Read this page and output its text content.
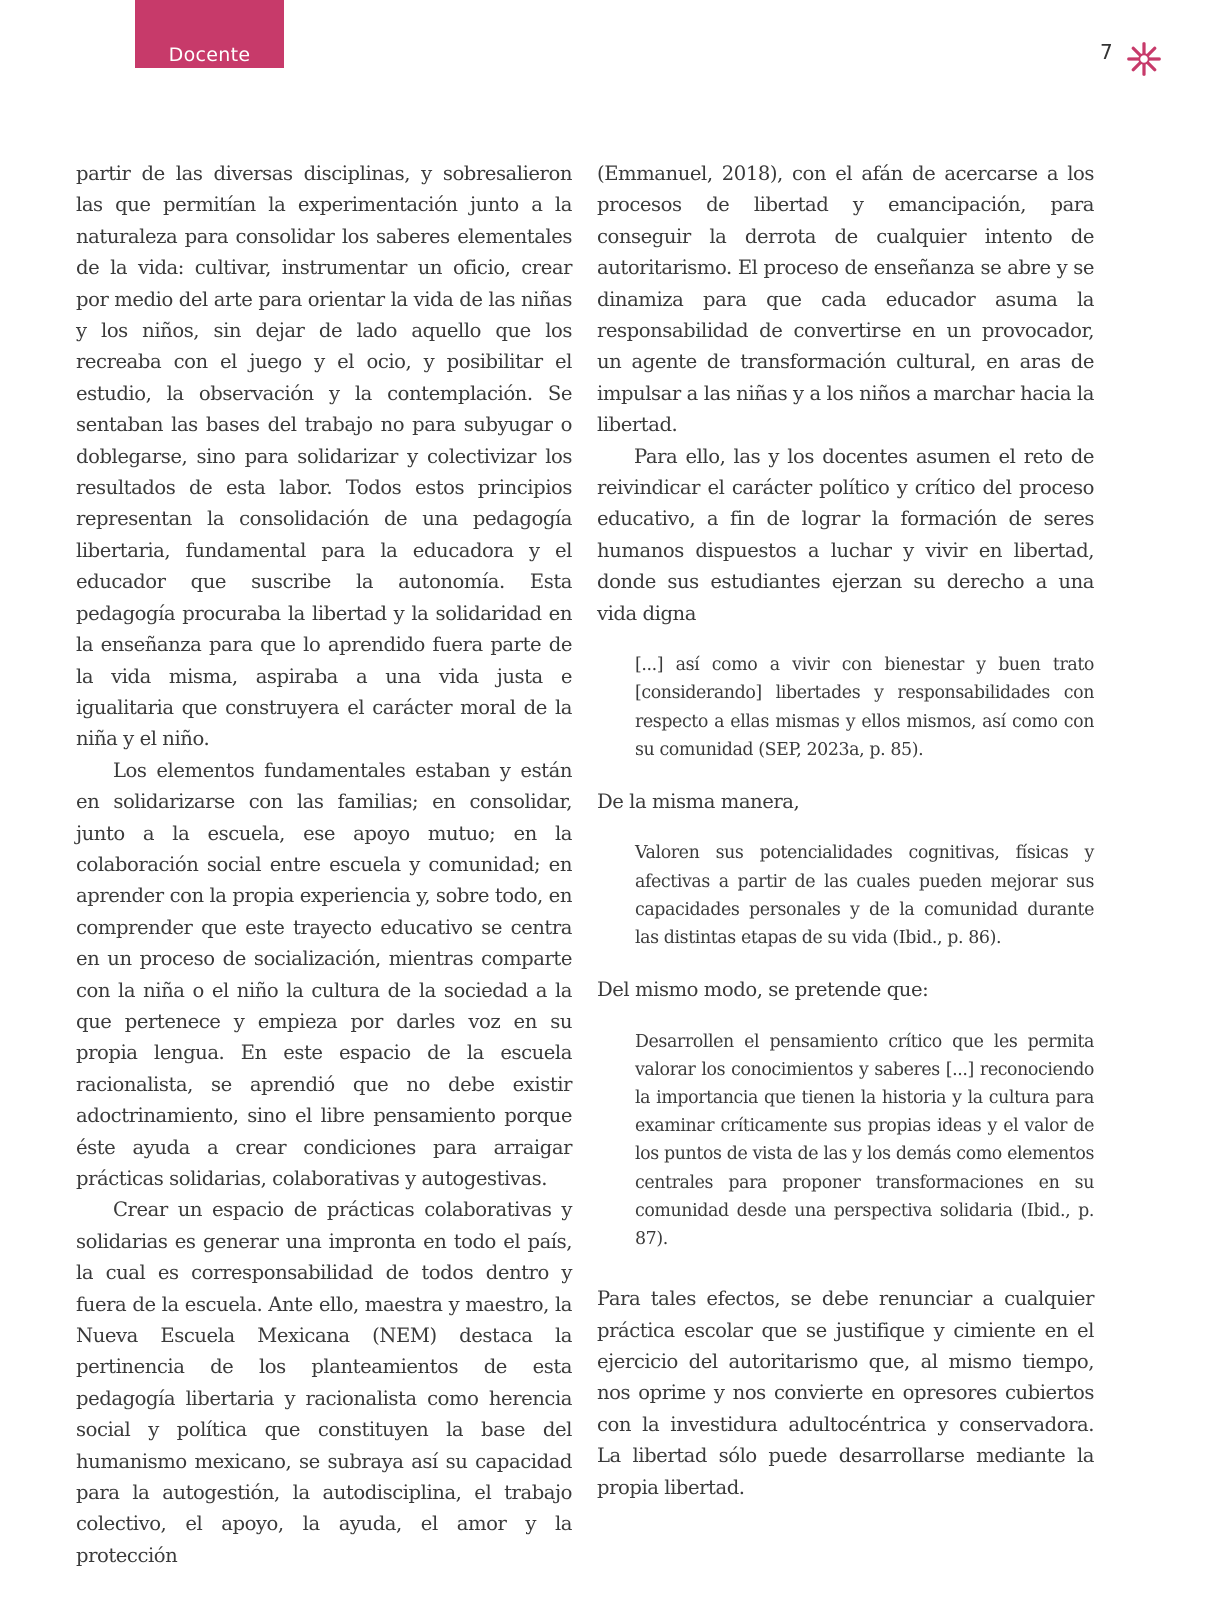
Docente	7

partir de las diversas disciplinas, y sobresalieron las que permitían la experimentación junto a la naturaleza para consolidar los saberes elementales de la vida: cultivar, instrumentar un oficio, crear por medio del arte para orientar la vida de las niñas y los niños, sin dejar de lado aquello que los recreaba con el juego y el ocio, y posibilitar el estudio, la observación y la contemplación. Se sentaban las bases del trabajo no para subyugar o doblegarse, sino para solidarizar y colectivizar los resultados de esta labor. Todos estos principios representan la consolidación de una pedagogía libertaria, fundamental para la educadora y el educador que suscribe la autonomía. Esta pedagogía procuraba la libertad y la solidaridad en la enseñanza para que lo aprendido fuera parte de la vida misma, aspiraba a una vida justa e igualitaria que construyera el carácter moral de la niña y el niño.

Los elementos fundamentales estaban y están en solidarizarse con las familias; en consolidar, junto a la escuela, ese apoyo mutuo; en la colaboración social entre escuela y comunidad; en aprender con la propia experiencia y, sobre todo, en comprender que este trayecto educativo se centra en un proceso de socialización, mientras comparte con la niña o el niño la cultura de la sociedad a la que pertenece y empieza por darles voz en su propia lengua. En este espacio de la escuela racionalista, se aprendió que no debe existir adoctrinamiento, sino el libre pensamiento porque éste ayuda a crear condiciones para arraigar prácticas solidarias, colaborativas y autogestivas.

Crear un espacio de prácticas colaborativas y solidarias es generar una impronta en todo el país, la cual es corresponsabilidad de todos dentro y fuera de la escuela. Ante ello, maestra y maestro, la Nueva Escuela Mexicana (NEM) destaca la pertinencia de los planteamientos de esta pedagogía libertaria y racionalista como herencia social y política que constituyen la base del humanismo mexicano, se subraya así su capacidad para la autogestión, la autodisciplina, el trabajo colectivo, el apoyo, la ayuda, el amor y la protección

(Emmanuel, 2018), con el afán de acercarse a los procesos de libertad y emancipación, para conseguir la derrota de cualquier intento de autoritarismo. El proceso de enseñanza se abre y se dinamiza para que cada educador asuma la responsabilidad de convertirse en un provocador, un agente de transformación cultural, en aras de impulsar a las niñas y a los niños a marchar hacia la libertad.

Para ello, las y los docentes asumen el reto de reivindicar el carácter político y crítico del proceso educativo, a fin de lograr la formación de seres humanos dispuestos a luchar y vivir en libertad, donde sus estudiantes ejerzan su derecho a una vida digna

[...] así como a vivir con bienestar y buen trato [considerando] libertades y responsabilidades con respecto a ellas mismas y ellos mismos, así como con su comunidad (SEP, 2023a, p. 85).

De la misma manera,

Valoren sus potencialidades cognitivas, físicas y afectivas a partir de las cuales pueden mejorar sus capacidades personales y de la comunidad durante las distintas etapas de su vida (Ibid., p. 86).

Del mismo modo, se pretende que:

Desarrollen el pensamiento crítico que les permita valorar los conocimientos y saberes [...] reconociendo la importancia que tienen la historia y la cultura para examinar críticamente sus propias ideas y el valor de los puntos de vista de las y los demás como elementos centrales para proponer transformaciones en su comunidad desde una perspectiva solidaria (Ibid., p. 87).

Para tales efectos, se debe renunciar a cualquier práctica escolar que se justifique y cimiente en el ejercicio del autoritarismo que, al mismo tiempo, nos oprime y nos convierte en opresores cubiertos con la investidura adultocéntrica y conservadora. La libertad sólo puede desarrollarse mediante la propia libertad.
